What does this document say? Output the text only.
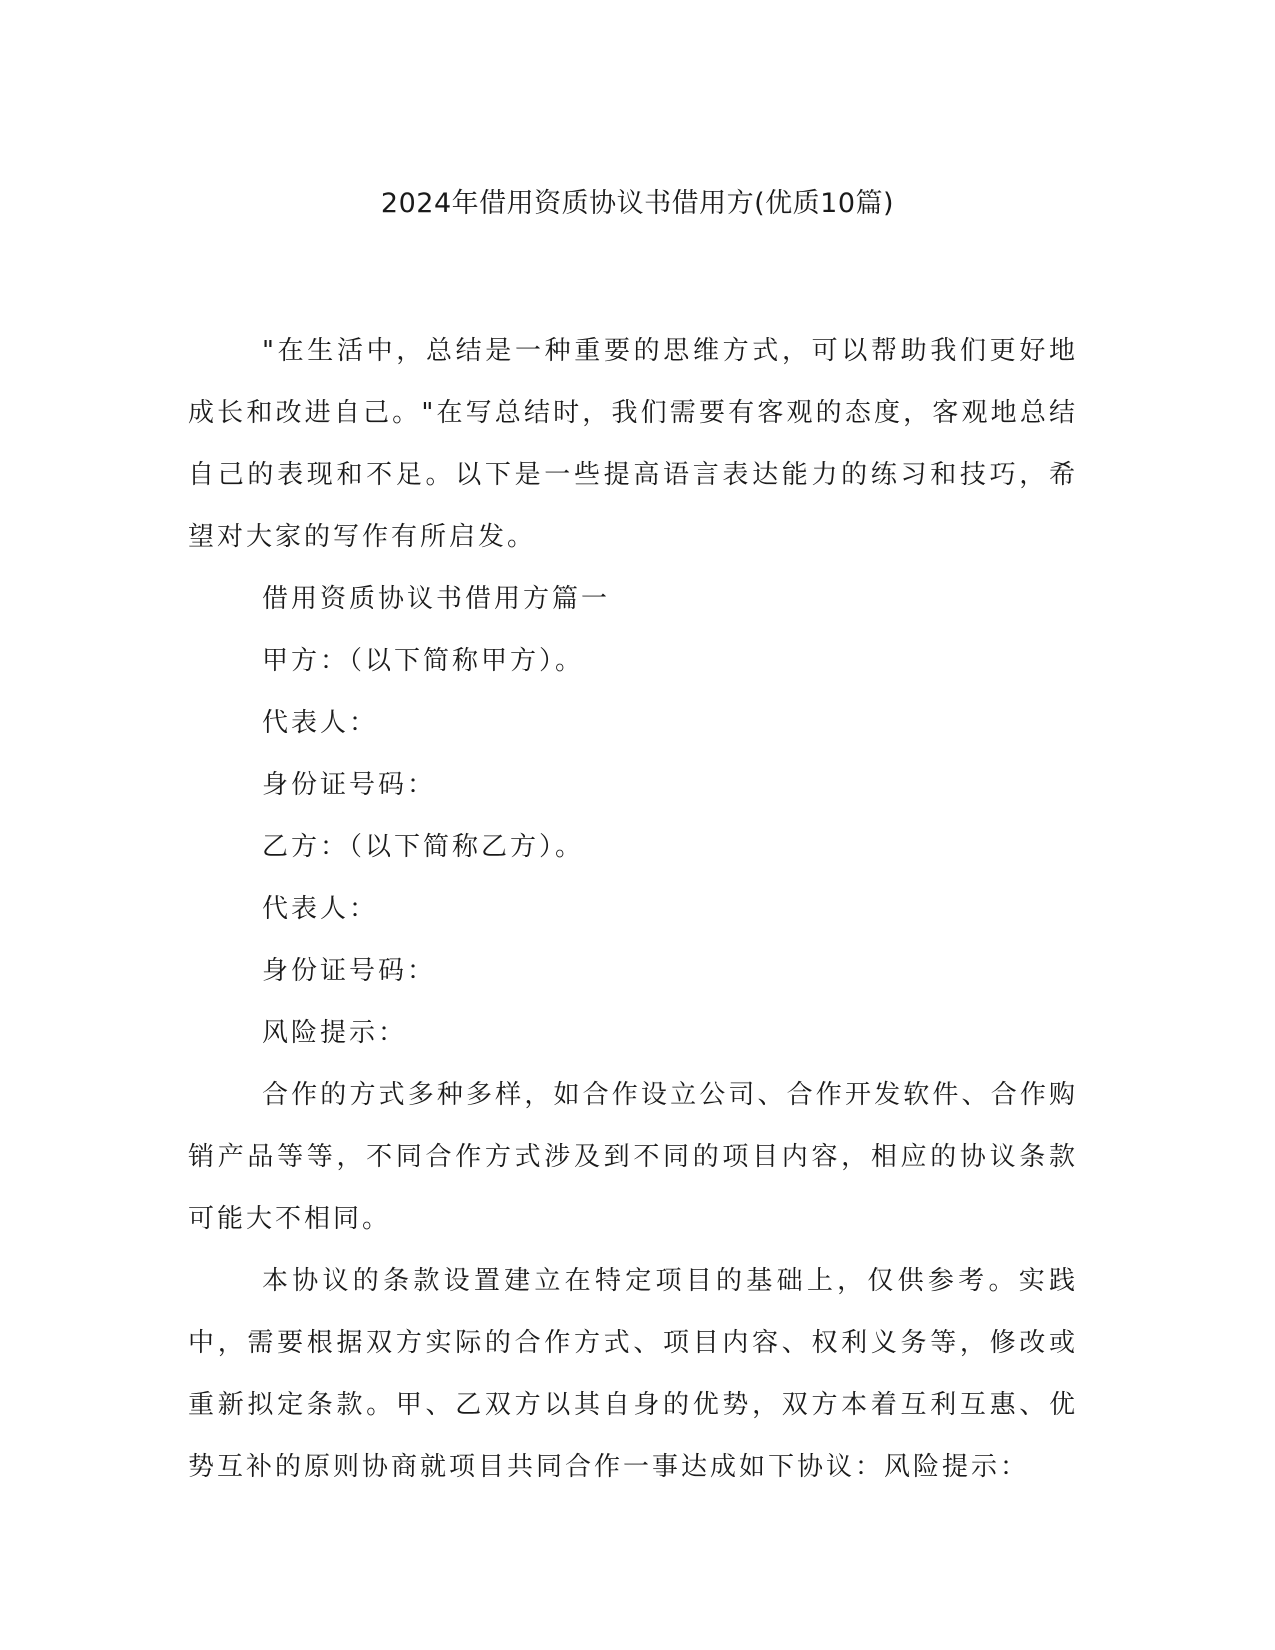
2024年借用资质协议书借用方(优质10篇)

"在生活中，总结是一种重要的思维方式，可以帮助我们更好地成长和改进自己。"在写总结时，我们需要有客观的态度，客观地总结自己的表现和不足。以下是一些提高语言表达能力的练习和技巧，希望对大家的写作有所启发。

借用资质协议书借用方篇一

甲方：（以下简称甲方）。

代表人：

身份证号码：

乙方：（以下简称乙方）。

代表人：

身份证号码：

风险提示：

合作的方式多种多样，如合作设立公司、合作开发软件、合作购销产品等等，不同合作方式涉及到不同的项目内容，相应的协议条款可能大不相同。

本协议的条款设置建立在特定项目的基础上，仅供参考。实践中，需要根据双方实际的合作方式、项目内容、权利义务等，修改或重新拟定条款。甲、乙双方以其自身的优势，双方本着互利互惠、优势互补的原则协商就项目共同合作一事达成如下协议：风险提示：
